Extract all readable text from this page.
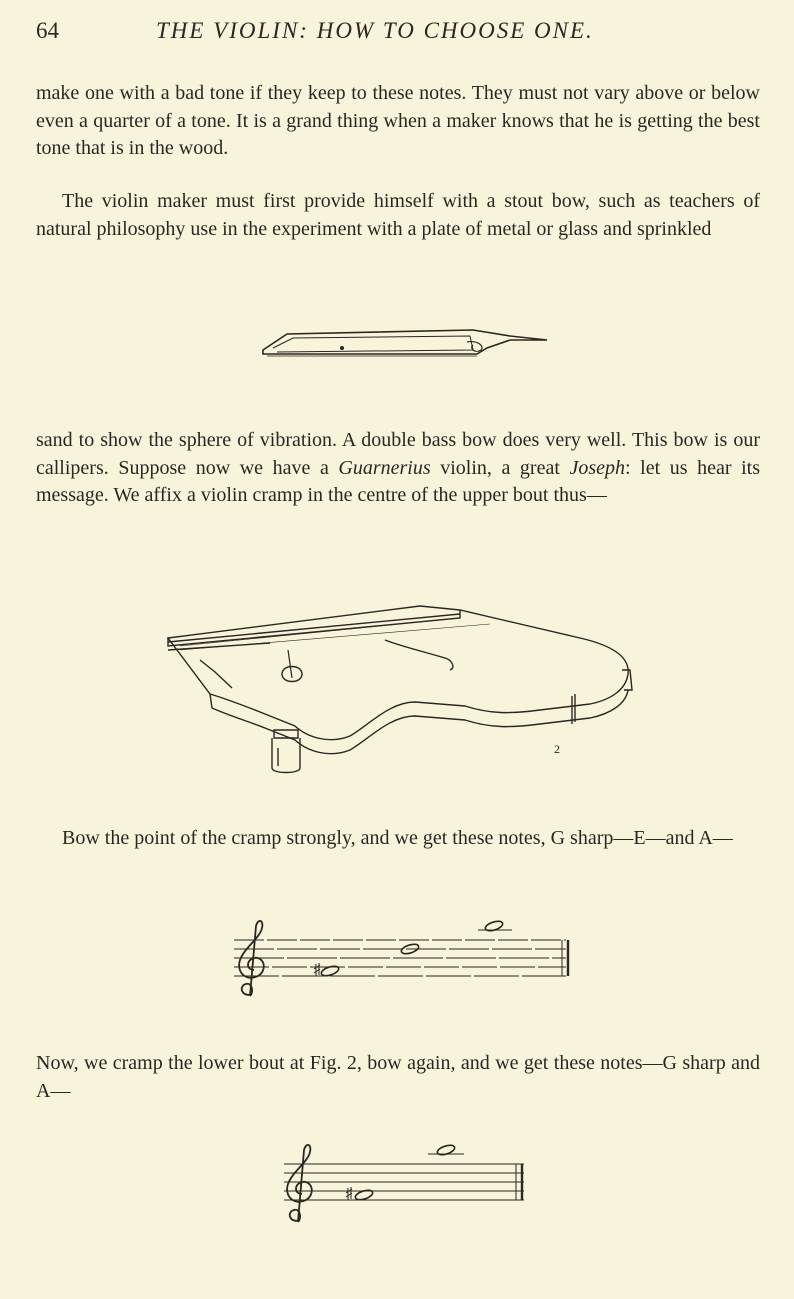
64	THE VIOLIN: HOW TO CHOOSE ONE.

make one with a bad tone if they keep to these notes. They must not vary above or below even a quarter of a tone. It is a grand thing when a maker knows that he is getting the best tone that is in the wood.

The violin maker must first provide himself with a stout bow, such as teachers of natural philosophy use in the experiment with a plate of metal or glass and sprinkled

sand to show the sphere of vibration. A double bass bow does very well. This bow is our callipers. Suppose now we have a Guarnerius violin, a great Joseph: let us hear its message. We affix a violin cramp in the centre of the upper bout thus—

2

Bow the point of the cramp strongly, and we get these notes, G sharp—E—and A—

Now, we cramp the lower bout at Fig. 2, bow again, and we get these notes—G sharp and A—
